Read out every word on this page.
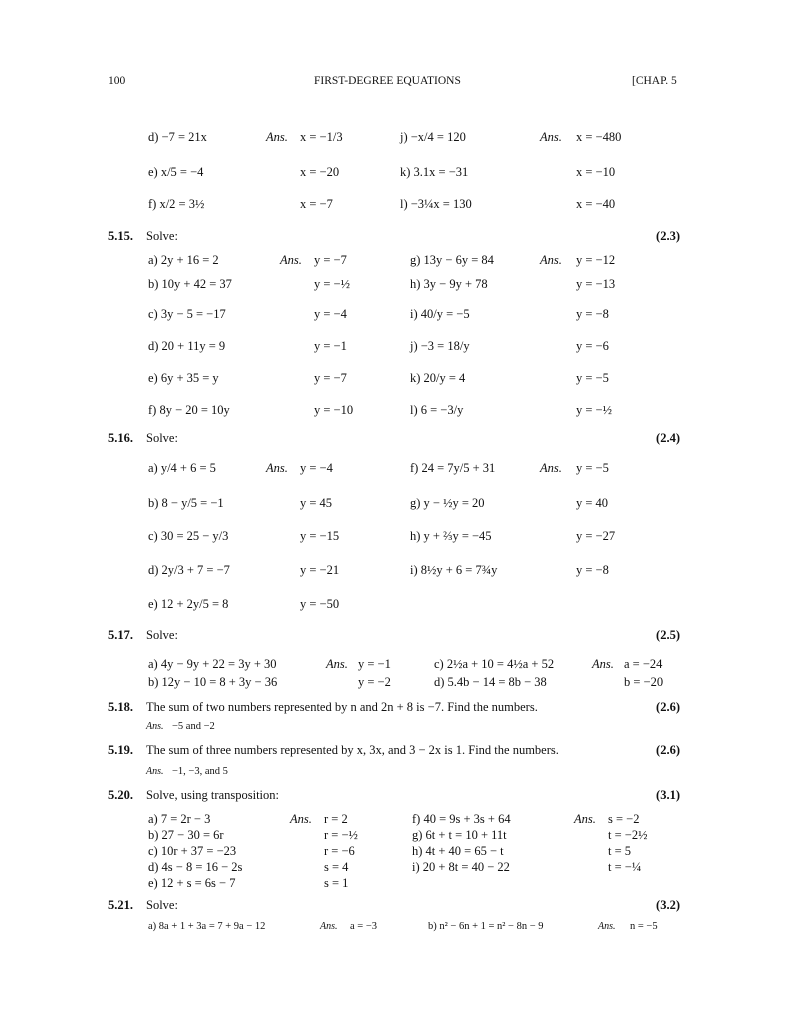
100	FIRST-DEGREE EQUATIONS	[CHAP. 5
Ans.	Ans.
d) −7 = 21x	x = −1/3	j) −x/4 = 120	x = −480
e) x/5 = −4	x = −20	k) 3.1x = −31	x = −10
f) x/2 = 3½	x = −7	l) −3¼x = 130	x = −40
5.15. Solve:	(2.3)
Ans.	Ans.
a) 2y + 16 = 2	y = −7	g) 13y − 6y = 84	y = −12
b) 10y + 42 = 37	y = −½	h) 3y − 9y + 78	y = −13
c) 3y − 5 = −17	y = −4	i) 40/y = −5	y = −8
d) 20 + 11y = 9	y = −1	j) −3 = 18/y	y = −6
e) 6y + 35 = y	y = −7	k) 20/y = 4	y = −5
f) 8y − 20 = 10y	y = −10	l) 6 = −3/y	y = −½
5.16. Solve:	(2.4)
Ans.	Ans.
a) y/4 + 6 = 5	y = −4	f) 24 = 7y/5 + 31	y = −5
b) 8 − y/5 = −1	y = 45	g) y − ½y = 20	y = 40
c) 30 = 25 − y/3	y = −15	h) y + ⅔y = −45	y = −27
d) 2y/3 + 7 = −7	y = −21	i) 8½y + 6 = 7¾y	y = −8
e) 12 + 2y/5 = 8	y = −50
5.17. Solve:	(2.5)
Ans.	Ans.
a) 4y − 9y + 22 = 3y + 30	y = −1	c) 2½a + 10 = 4½a + 52	a = −24
b) 12y − 10 = 8 + 3y − 36	y = −2	d) 5.4b − 14 = 8b − 38	b = −20
5.18. The sum of two numbers represented by n and 2n + 8 is −7. Find the numbers.	(2.6)
Ans. −5 and −2
5.19. The sum of three numbers represented by x, 3x, and 3 − 2x is 1. Find the numbers.	(2.6)
Ans. −1, −3, and 5
5.20. Solve, using transposition:	(3.1)
Ans.	Ans.
a) 7 = 2r − 3	r = 2	f) 40 = 9s + 3s + 64	s = −2
b) 27 − 30 = 6r	r = −½	g) 6t + t = 10 + 11t	t = −2½
c) 10r + 37 = −23	r = −6	h) 4t + 40 = 65 − t	t = 5
d) 4s − 8 = 16 − 2s	s = 4	i) 20 + 8t = 40 − 22	t = −¼
e) 12 + s = 6s − 7	s = 1
5.21. Solve:	(3.2)
a) 8a + 1 + 3a = 7 + 9a − 12	Ans. a = −3	b) n² − 6n + 1 = n² − 8n − 9	Ans. n = −5
